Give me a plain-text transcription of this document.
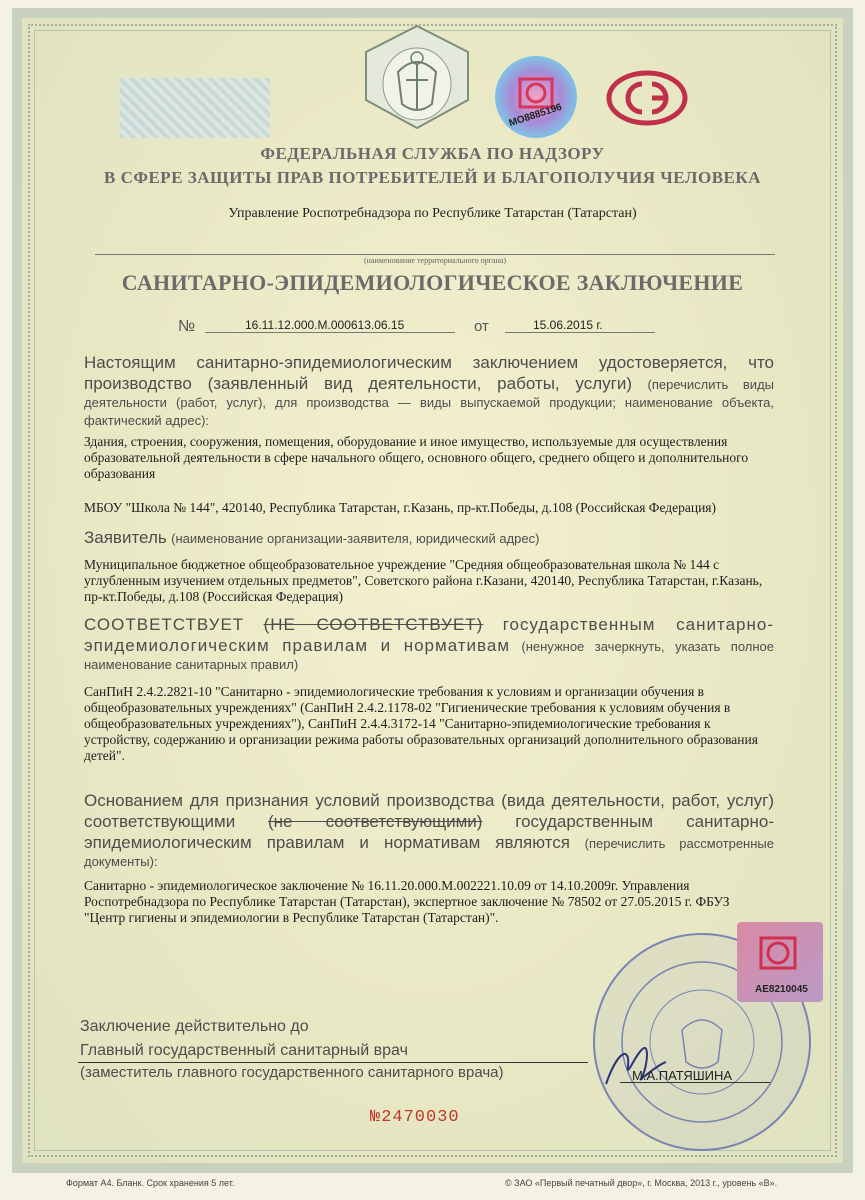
МО8885196
ФЕДЕРАЛЬНАЯ СЛУЖБА ПО НАДЗОРУ
В СФЕРЕ ЗАЩИТЫ ПРАВ ПОТРЕБИТЕЛЕЙ И БЛАГОПОЛУЧИЯ ЧЕЛОВЕКА
Управление Роспотребнадзора по Республике Татарстан (Татарстан)
(наименование территориального органа)
САНИТАРНО-ЭПИДЕМИОЛОГИЧЕСКОЕ ЗАКЛЮЧЕНИЕ
№	16.11.12.000.М.000613.06.15	от	15.06.2015 г.
Настоящим санитарно-эпидемиологическим заключением удостоверяется, что производство (заявленный вид деятельности, работы, услуги) (перечислить виды деятельности (работ, услуг), для производства — виды выпускаемой продукции; наименование объекта, фактический адрес):
Здания, строения, сооружения, помещения, оборудование и иное имущество, используемые для осуществления образовательной деятельности в сфере начального общего, основного общего, среднего общего и дополнительного образования
МБОУ "Школа № 144", 420140, Республика Татарстан, г.Казань, пр-кт.Победы, д.108 (Российская Федерация)
Заявитель (наименование организации-заявителя, юридический адрес)
Муниципальное бюджетное общеобразовательное учреждение "Средняя общеобразовательная школа № 144 с углубленным изучением отдельных предметов", Советского района г.Казани, 420140, Республика Татарстан, г.Казань, пр-кт.Победы, д.108 (Российская Федерация)
СООТВЕТСТВУЕТ (НЕ СООТВЕТСТВУЕТ) государственным санитарно-эпидемиологическим правилам и нормативам (ненужное зачеркнуть, указать полное наименование санитарных правил)
СанПиН 2.4.2.2821-10 "Санитарно - эпидемиологические требования к условиям и организации обучения в общеобразовательных учреждениях" (СанПиН 2.4.2.1178-02 "Гигиенические требования к условиям обучения в общеобразовательных учреждениях"), СанПиН 2.4.4.3172-14 "Санитарно-эпидемиологические требования к устройству, содержанию и организации режима работы образовательных организаций дополнительного образования детей".
Основанием для признания условий производства (вида деятельности, работ, услуг) соответствующими (не соответствующими) государственным санитарно-эпидемиологическим правилам и нормативам являются (перечислить рассмотренные документы):
Санитарно - эпидемиологическое заключение № 16.11.20.000.М.002221.10.09 от 14.10.2009г. Управления Роспотребнадзора по Республике Татарстан (Татарстан), экспертное заключение № 78502 от 27.05.2015 г. ФБУЗ "Центр гигиены и эпидемиологии в Республике Татарстан (Татарстан)".
АЕ8210045
Заключение действительно до
Главный государственный санитарный врач
(заместитель главного государственного санитарного врача)	М.А.ПАТЯШИНА
№2470030
Формат А4. Бланк. Срок хранения 5 лет.	© ЗАО «Первый печатный двор», г. Москва, 2013 г., уровень «В».
